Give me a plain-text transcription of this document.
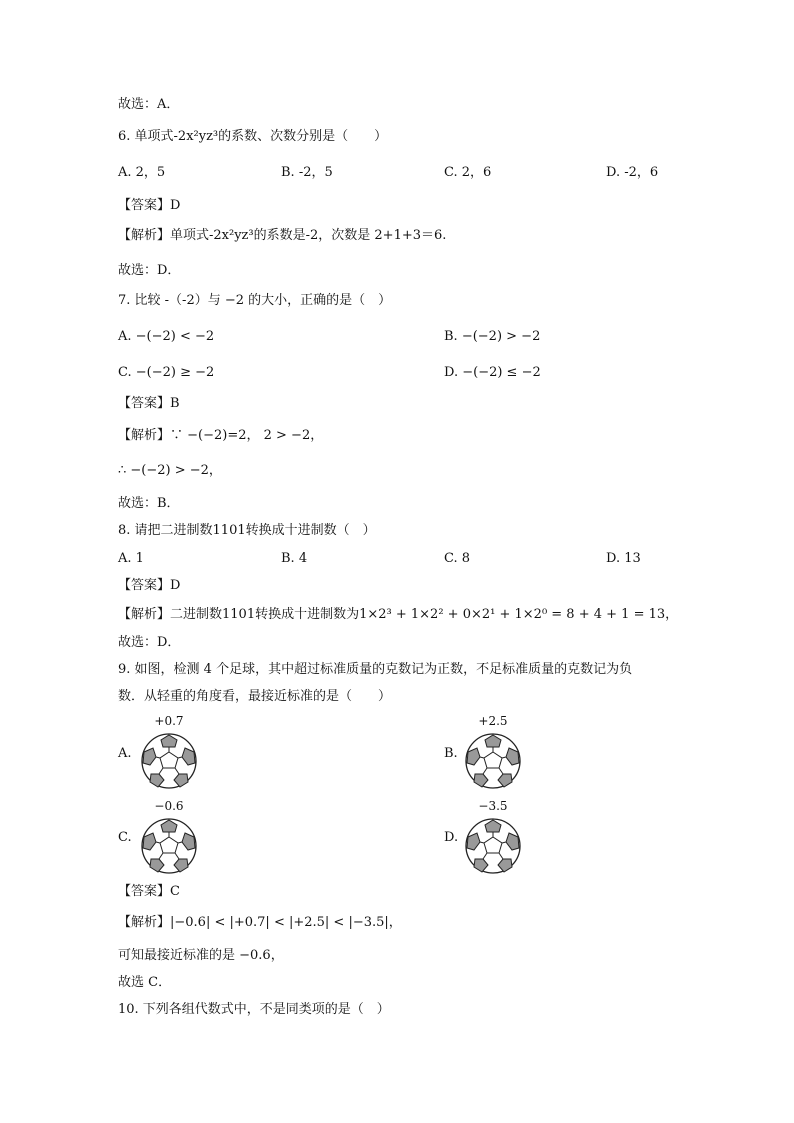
故选：A．
6. 单项式-2x²yz³的系数、次数分别是（　　）
A. 2，5	B. -2，5	C. 2，6	D. -2，6
【答案】D
【解析】单项式-2x²yz³的系数是-2，次数是 2+1+3＝6.
故选：D．
7. 比较 -（-2）与 −2 的大小，正确的是（　）
A. −(−2) < −2	B. −(−2) > −2
C. −(−2) ≥ −2	D. −(−2) ≤ −2
【答案】B
【解析】∵ −(−2)=2， 2 > −2，
∴ −(−2) > −2，
故选：B．
8. 请把二进制数1101转换成十进制数（　）
A. 1	B. 4	C. 8	D. 13
【答案】D
【解析】二进制数1101转换成十进制数为1×2³ + 1×2² + 0×2¹ + 1×2⁰ = 8 + 4 + 1 = 13，
故选：D．
9. 如图，检测 4 个足球，其中超过标准质量的克数记为正数，不足标准质量的克数记为负
数．从轻重的角度看，最接近标准的是（　　）
A.
+0.7
B.
+2.5
C.
−0.6
D.
−3.5
【答案】C
【解析】|−0.6| < |+0.7| < |+2.5| < |−3.5|，
可知最接近标准的是 −0.6，
故选 C．
10. 下列各组代数式中，不是同类项的是（　）
